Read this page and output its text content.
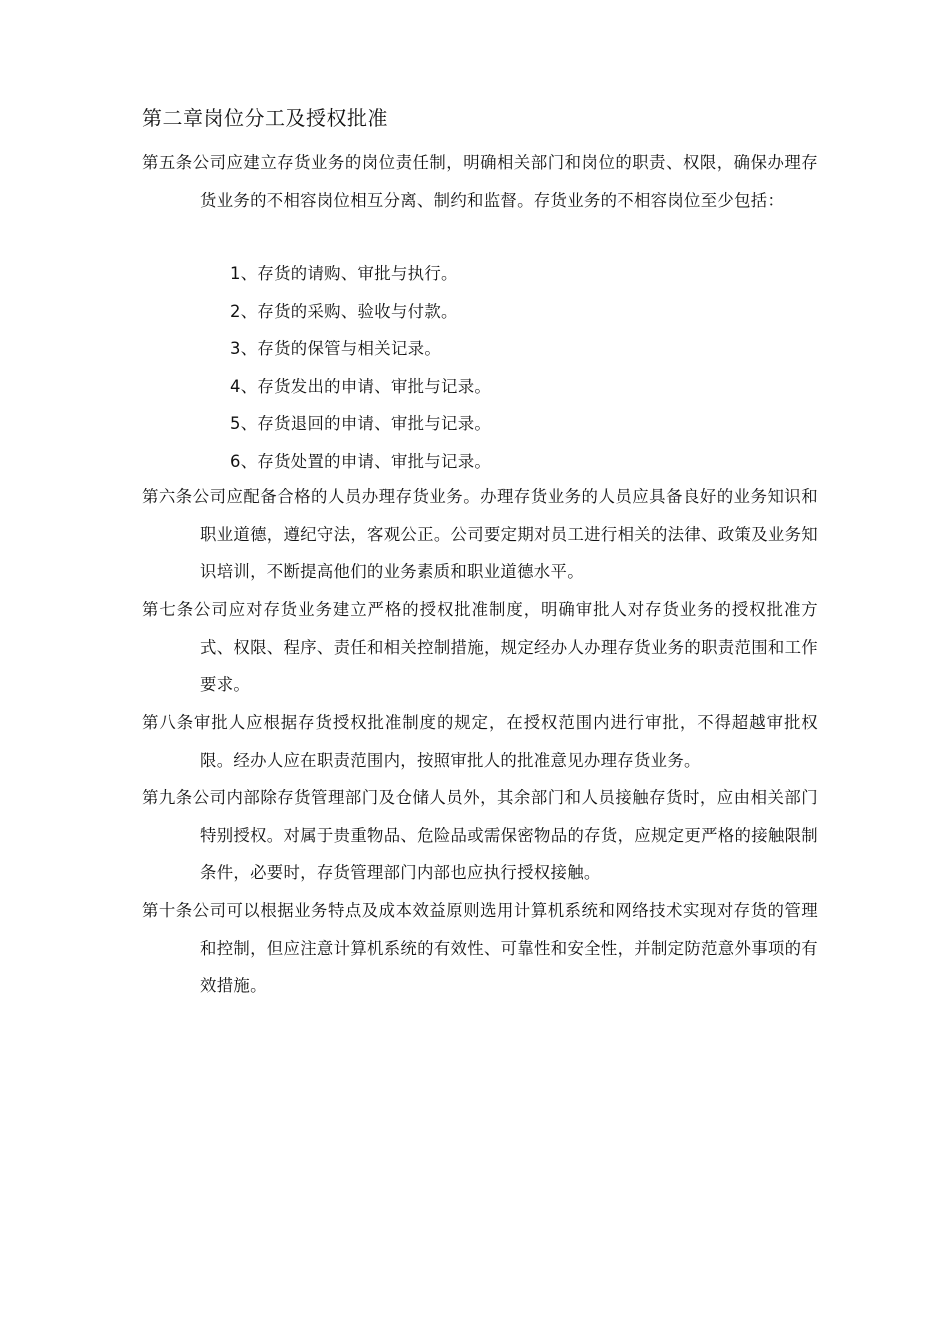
第二章岗位分工及授权批准
第五条公司应建立存货业务的岗位责任制，明确相关部门和岗位的职责、权限，确保办理存货业务的不相容岗位相互分离、制约和监督。存货业务的不相容岗位至少包括：
1、存货的请购、审批与执行。
2、存货的采购、验收与付款。
3、存货的保管与相关记录。
4、存货发出的申请、审批与记录。
5、存货退回的申请、审批与记录。
6、存货处置的申请、审批与记录。
第六条公司应配备合格的人员办理存货业务。办理存货业务的人员应具备良好的业务知识和职业道德，遵纪守法，客观公正。公司要定期对员工进行相关的法律、政策及业务知识培训，不断提高他们的业务素质和职业道德水平。
第七条公司应对存货业务建立严格的授权批准制度，明确审批人对存货业务的授权批准方式、权限、程序、责任和相关控制措施，规定经办人办理存货业务的职责范围和工作要求。
第八条审批人应根据存货授权批准制度的规定，在授权范围内进行审批，不得超越审批权限。经办人应在职责范围内，按照审批人的批准意见办理存货业务。
第九条公司内部除存货管理部门及仓储人员外，其余部门和人员接触存货时，应由相关部门特别授权。对属于贵重物品、危险品或需保密物品的存货，应规定更严格的接触限制条件，必要时，存货管理部门内部也应执行授权接触。
第十条公司可以根据业务特点及成本效益原则选用计算机系统和网络技术实现对存货的管理和控制，但应注意计算机系统的有效性、可靠性和安全性，并制定防范意外事项的有效措施。
